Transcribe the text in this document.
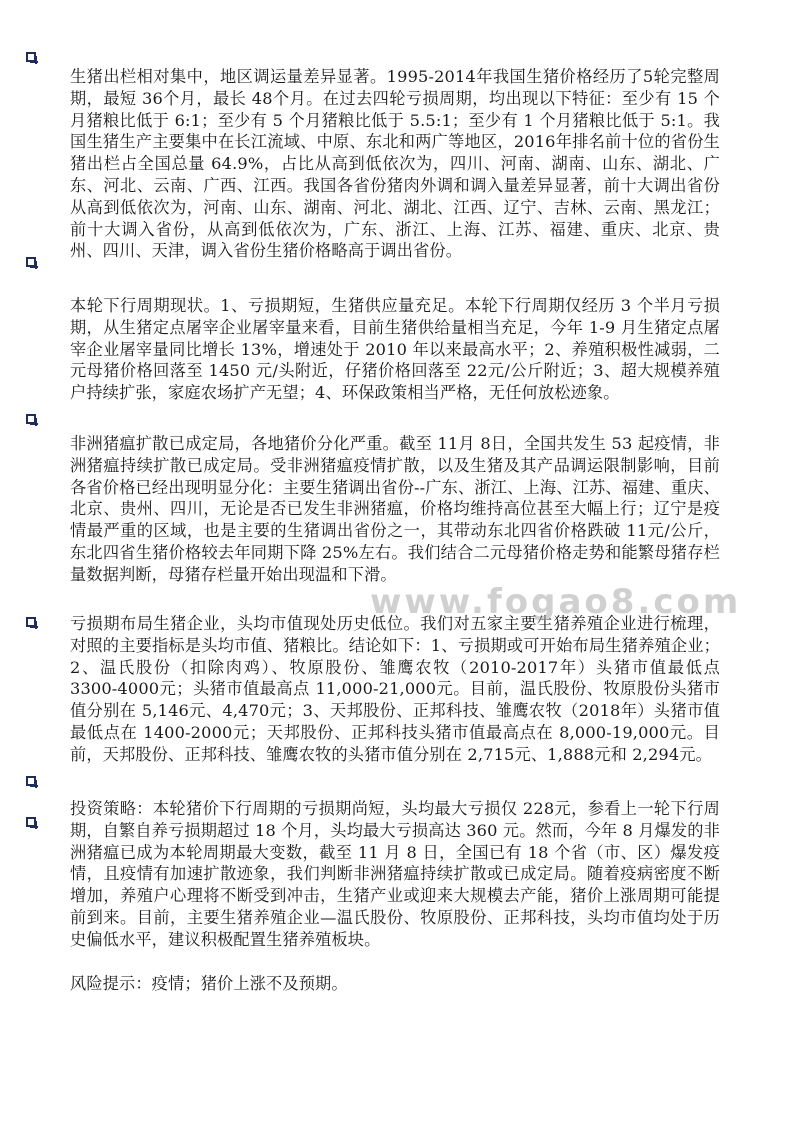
生猪出栏相对集中，地区调运量差异显著。1995-2014年我国生猪价格经历了5轮完整周期，最短 36个月，最长 48个月。在过去四轮亏损周期，均出现以下特征：至少有 15 个月猪粮比低于 6:1；至少有 5 个月猪粮比低于 5.5:1；至少有 1 个月猪粮比低于 5:1。我国生猪生产主要集中在长江流域、中原、东北和两广等地区，2016年排名前十位的省份生猪出栏占全国总量 64.9%，占比从高到低依次为，四川、河南、湖南、山东、湖北、广东、河北、云南、广西、江西。我国各省份猪肉外调和调入量差异显著，前十大调出省份从高到低依次为，河南、山东、湖南、河北、湖北、江西、辽宁、吉林、云南、黑龙江；前十大调入省份，从高到低依次为，广东、浙江、上海、江苏、福建、重庆、北京、贵州、四川、天津，调入省份生猪价格略高于调出省份。
本轮下行周期现状。1、亏损期短，生猪供应量充足。本轮下行周期仅经历 3 个半月亏损期，从生猪定点屠宰企业屠宰量来看，目前生猪供给量相当充足，今年 1-9 月生猪定点屠宰企业屠宰量同比增长 13%，增速处于 2010 年以来最高水平；2、养殖积极性减弱，二元母猪价格回落至 1450 元/头附近，仔猪价格回落至 22元/公斤附近；3、超大规模养殖户持续扩张，家庭农场扩产无望；4、环保政策相当严格，无任何放松迹象。
非洲猪瘟扩散已成定局，各地猪价分化严重。截至 11月 8日，全国共发生 53 起疫情，非洲猪瘟持续扩散已成定局。受非洲猪瘟疫情扩散，以及生猪及其产品调运限制影响，目前各省价格已经出现明显分化：主要生猪调出省份--广东、浙江、上海、江苏、福建、重庆、北京、贵州、四川，无论是否已发生非洲猪瘟，价格均维持高位甚至大幅上行；辽宁是疫情最严重的区域，也是主要的生猪调出省份之一，其带动东北四省价格跌破 11元/公斤，东北四省生猪价格较去年同期下降 25%左右。我们结合二元母猪价格走势和能繁母猪存栏量数据判断，母猪存栏量开始出现温和下滑。
亏损期布局生猪企业，头均市值现处历史低位。我们对五家主要生猪养殖企业进行梳理，对照的主要指标是头均市值、猪粮比。结论如下：1、亏损期或可开始布局生猪养殖企业；2、温氏股份（扣除肉鸡）、牧原股份、雏鹰农牧（2010-2017年）头猪市值最低点 3300-4000元；头猪市值最高点 11,000-21,000元。目前，温氏股份、牧原股份头猪市值分别在 5,146元、4,470元；3、天邦股份、正邦科技、雏鹰农牧（2018年）头猪市值最低点在 1400-2000元；天邦股份、正邦科技头猪市值最高点在 8,000-19,000元。目前，天邦股份、正邦科技、雏鹰农牧的头猪市值分别在 2,715元、1,888元和 2,294元。
投资策略：本轮猪价下行周期的亏损期尚短，头均最大亏损仅 228元，参看上一轮下行周期，自繁自养亏损期超过 18 个月，头均最大亏损高达 360 元。然而，今年 8 月爆发的非洲猪瘟已成为本轮周期最大变数，截至 11 月 8 日，全国已有 18 个省（市、区）爆发疫情，且疫情有加速扩散迹象，我们判断非洲猪瘟持续扩散或已成定局。随着疫病密度不断增加，养殖户心理将不断受到冲击，生猪产业或迎来大规模去产能，猪价上涨周期可能提前到来。目前，主要生猪养殖企业—温氏股份、牧原股份、正邦科技，头均市值均处于历史偏低水平，建议积极配置生猪养殖板块。
风险提示：疫情；猪价上涨不及预期。
www.fogao8.com
